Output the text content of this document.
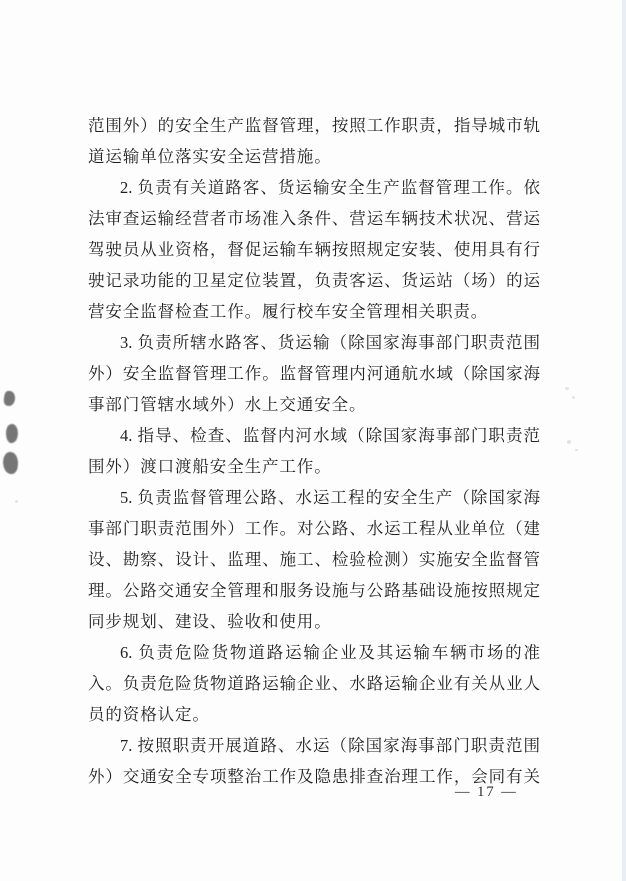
范围外）的安全生产监督管理，按照工作职责，指导城市轨
道运输单位落实安全运营措施。
2. 负责有关道路客、货运输安全生产监督管理工作。依
法审查运输经营者市场准入条件、营运车辆技术状况、营运
驾驶员从业资格，督促运输车辆按照规定安装、使用具有行
驶记录功能的卫星定位装置，负责客运、货运站（场）的运
营安全监督检查工作。履行校车安全管理相关职责。
3. 负责所辖水路客、货运输（除国家海事部门职责范围
外）安全监督管理工作。监督管理内河通航水域（除国家海
事部门管辖水域外）水上交通安全。
4. 指导、检查、监督内河水域（除国家海事部门职责范
围外）渡口渡船安全生产工作。
5. 负责监督管理公路、水运工程的安全生产（除国家海
事部门职责范围外）工作。对公路、水运工程从业单位（建
设、勘察、设计、监理、施工、检验检测）实施安全监督管
理。公路交通安全管理和服务设施与公路基础设施按照规定
同步规划、建设、验收和使用。
6. 负责危险货物道路运输企业及其运输车辆市场的准
入。负责危险货物道路运输企业、水路运输企业有关从业人
员的资格认定。
7. 按照职责开展道路、水运（除国家海事部门职责范围
外）交通安全专项整治工作及隐患排查治理工作，会同有关
— 17 —
